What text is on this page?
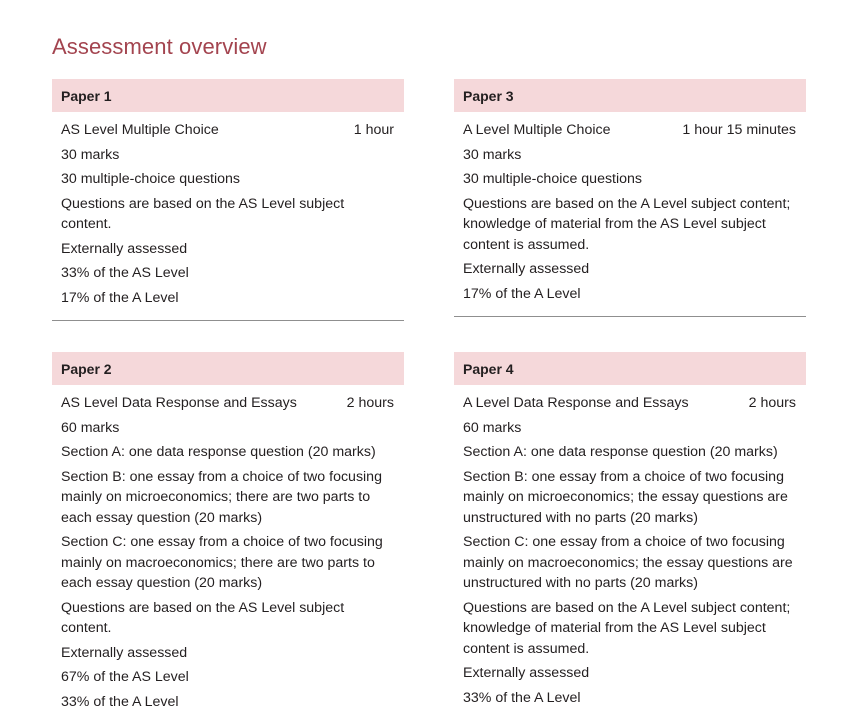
Assessment overview
Paper 1
AS Level Multiple Choice	1 hour
30 marks
30 multiple-choice questions
Questions are based on the AS Level subject content.
Externally assessed
33% of the AS Level
17% of the A Level
Paper 3
A Level Multiple Choice	1 hour 15 minutes
30 marks
30 multiple-choice questions
Questions are based on the A Level subject content; knowledge of material from the AS Level subject content is assumed.
Externally assessed
17% of the A Level
Paper 2
AS Level Data Response and Essays	2 hours
60 marks
Section A: one data response question (20 marks)
Section B: one essay from a choice of two focusing mainly on microeconomics; there are two parts to each essay question (20 marks)
Section C: one essay from a choice of two focusing mainly on macroeconomics; there are two parts to each essay question (20 marks)
Questions are based on the AS Level subject content.
Externally assessed
67% of the AS Level
33% of the A Level
Paper 4
A Level Data Response and Essays	2 hours
60 marks
Section A: one data response question (20 marks)
Section B: one essay from a choice of two focusing mainly on microeconomics; the essay questions are unstructured with no parts (20 marks)
Section C: one essay from a choice of two focusing mainly on macroeconomics; the essay questions are unstructured with no parts (20 marks)
Questions are based on the A Level subject content; knowledge of material from the AS Level subject content is assumed.
Externally assessed
33% of the A Level
